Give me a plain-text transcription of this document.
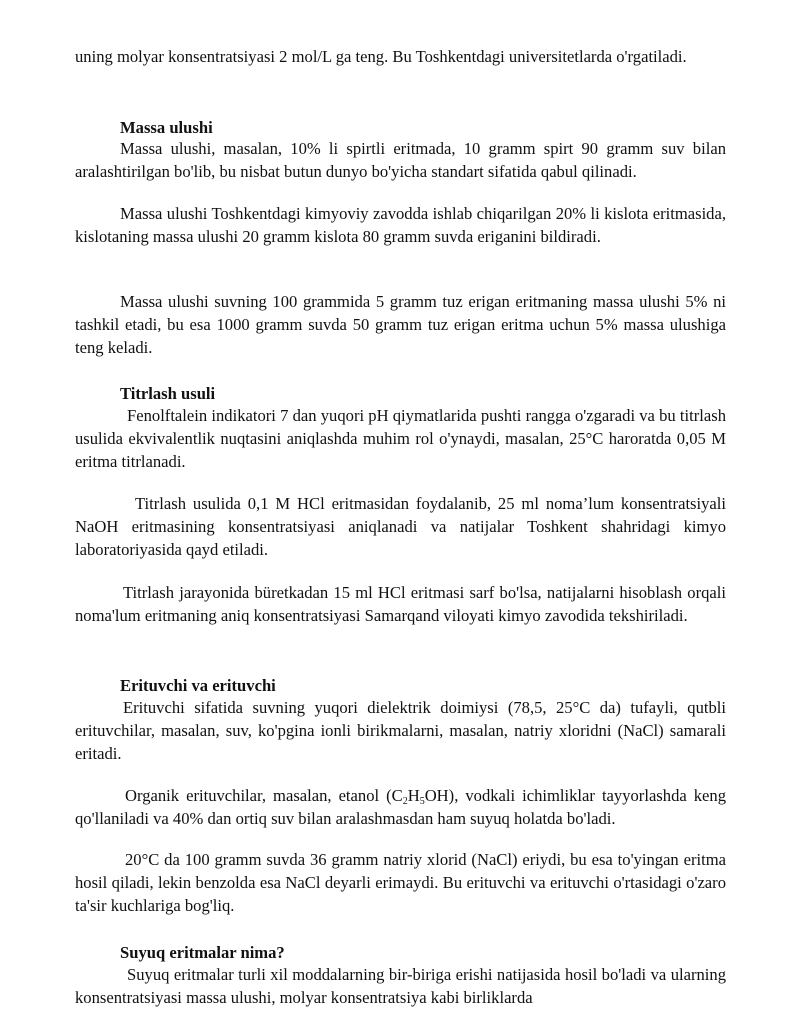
uning molyar konsentratsiyasi 2 mol/L ga teng. Bu Toshkentdagi universitetlarda o'rgatiladi.

Massa ulushi

Massa ulushi, masalan, 10% li spirtli eritmada, 10 gramm spirt 90 gramm suv bilan aralashtirilgan bo'lib, bu nisbat butun dunyo bo'yicha standart sifatida qabul qilinadi.

Massa ulushi Toshkentdagi kimyoviy zavodda ishlab chiqarilgan 20% li kislota eritmasida, kislotaning massa ulushi 20 gramm kislota 80 gramm suvda eriganini bildiradi.

Massa ulushi suvning 100 grammida 5 gramm tuz erigan eritmaning massa ulushi 5% ni tashkil etadi, bu esa 1000 gramm suvda 50 gramm tuz erigan eritma uchun 5% massa ulushiga teng keladi.

Titrlash usuli

Fenolftalein indikatori 7 dan yuqori pH qiymatlarida pushti rangga o'zgaradi va bu titrlash usulida ekvivalentlik nuqtasini aniqlashda muhim rol o'ynaydi, masalan, 25°C haroratda 0,05 M eritma titrlanadi.

Titrlash usulida 0,1 M HCl eritmasidan foydalanib, 25 ml noma’lum konsentratsiyali NaOH eritmasining konsentratsiyasi aniqlanadi va natijalar Toshkent shahridagi kimyo laboratoriyasida qayd etiladi.

Titrlash jarayonida büretkadan 15 ml HCl eritmasi sarf bo'lsa, natijalarni hisoblash orqali noma'lum eritmaning aniq konsentratsiyasi Samarqand viloyati kimyo zavodida tekshiriladi.

Erituvchi va erituvchi

Erituvchi sifatida suvning yuqori dielektrik doimiysi (78,5, 25°C da) tufayli, qutbli erituvchilar, masalan, suv, ko'pgina ionli birikmalarni, masalan, natriy xloridni (NaCl) samarali eritadi.

Organik erituvchilar, masalan, etanol $(C_2H_5OH)$, vodkali ichimliklar tayyorlashda keng qo'llaniladi va 40% dan ortiq suv bilan aralashmasdan ham suyuq holatda bo'ladi.

20°C da 100 gramm suvda 36 gramm natriy xlorid (NaCl) eriydi, bu esa to'yingan eritma hosil qiladi, lekin benzolda esa NaCl deyarli erimaydi. Bu erituvchi va erituvchi o'rtasidagi o'zaro ta'sir kuchlariga bog'liq.

Suyuq eritmalar nima?

Suyuq eritmalar turli xil moddalarning bir-biriga erishi natijasida hosil bo'ladi va ularning konsentratsiyasi massa ulushi, molyar konsentratsiya kabi birliklarda
